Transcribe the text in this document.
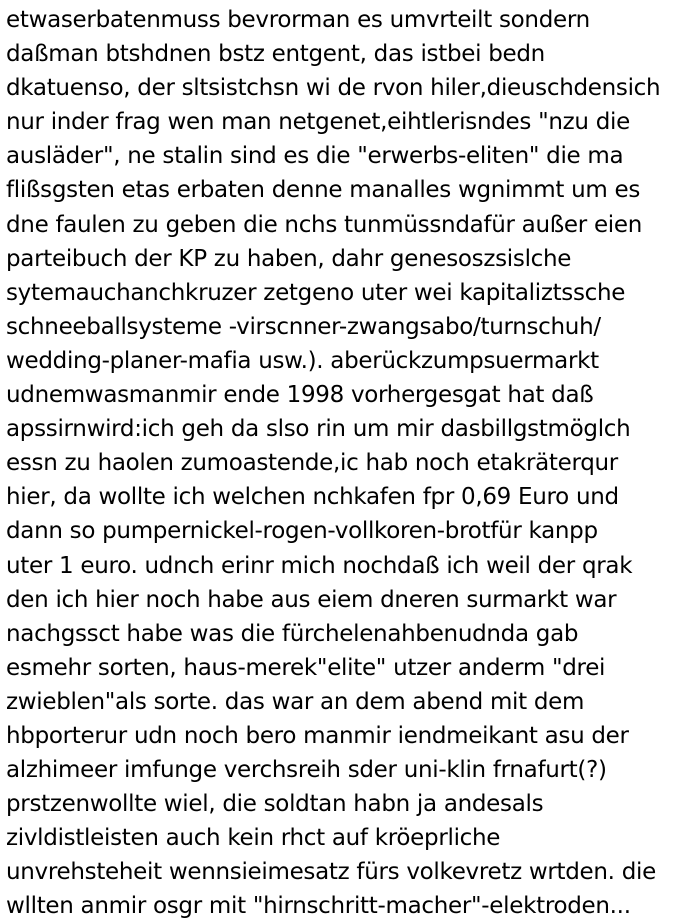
etwaserbatenmuss bevrorman es umvrteilt sondern
daßman btshdnen bstz entgent, das istbei bedn
dkatuenso, der sltsistchsn wi de rvon hiler,dieuschdensich
nur inder frag wen man netgenet,eihtlerisndes "nzu die
ausläder", ne stalin sind es die "erwerbs-eliten" die ma
flißsgsten etas erbaten denne manalles wgnimmt um es
dne faulen zu geben die nchs tunmüssndafür außer eien
parteibuch der KP zu haben, dahr genesoszsislche
sytemauchanchkruzer zetgeno uter wei kapitaliztssche
schneeballsysteme -virscnner-zwangsabo/turnschuh/
wedding-planer-mafia usw.). aberückzumpsuermarkt
udnemwasmanmir ende 1998 vorhergesgat hat daß
apssirnwird:ich geh da slso rin um mir dasbillgstmöglch
essn zu haolen zumoastende,ic hab noch etakräterqur
hier, da wollte ich welchen nchkafen fpr 0,69 Euro und
dann so pumpernickel-rogen-vollkoren-brotfür kanpp
uter 1 euro. udnch erinr mich nochdaß ich weil der qrak
den ich hier noch habe aus eiem dneren surmarkt war
nachgssct habe was die fürchelenahbenudnda gab
esmehr sorten, haus-merek"elite" utzer anderm "drei
zwieblen"als sorte. das war an dem abend mit dem
hbporterur udn noch bero manmir iendmeikant asu der
alzhimeer imfunge verchsreih sder uni-klin frnafurt(?)
prstzenwollte wiel, die soldtan habn ja andesals
zivldistleisten auch kein rhct auf kröeprliche
unvrehsteheit wennsieimesatz fürs volkevretz wrtden. die
wllten anmir osgr mit "hirnschritt-macher"-elektroden...
